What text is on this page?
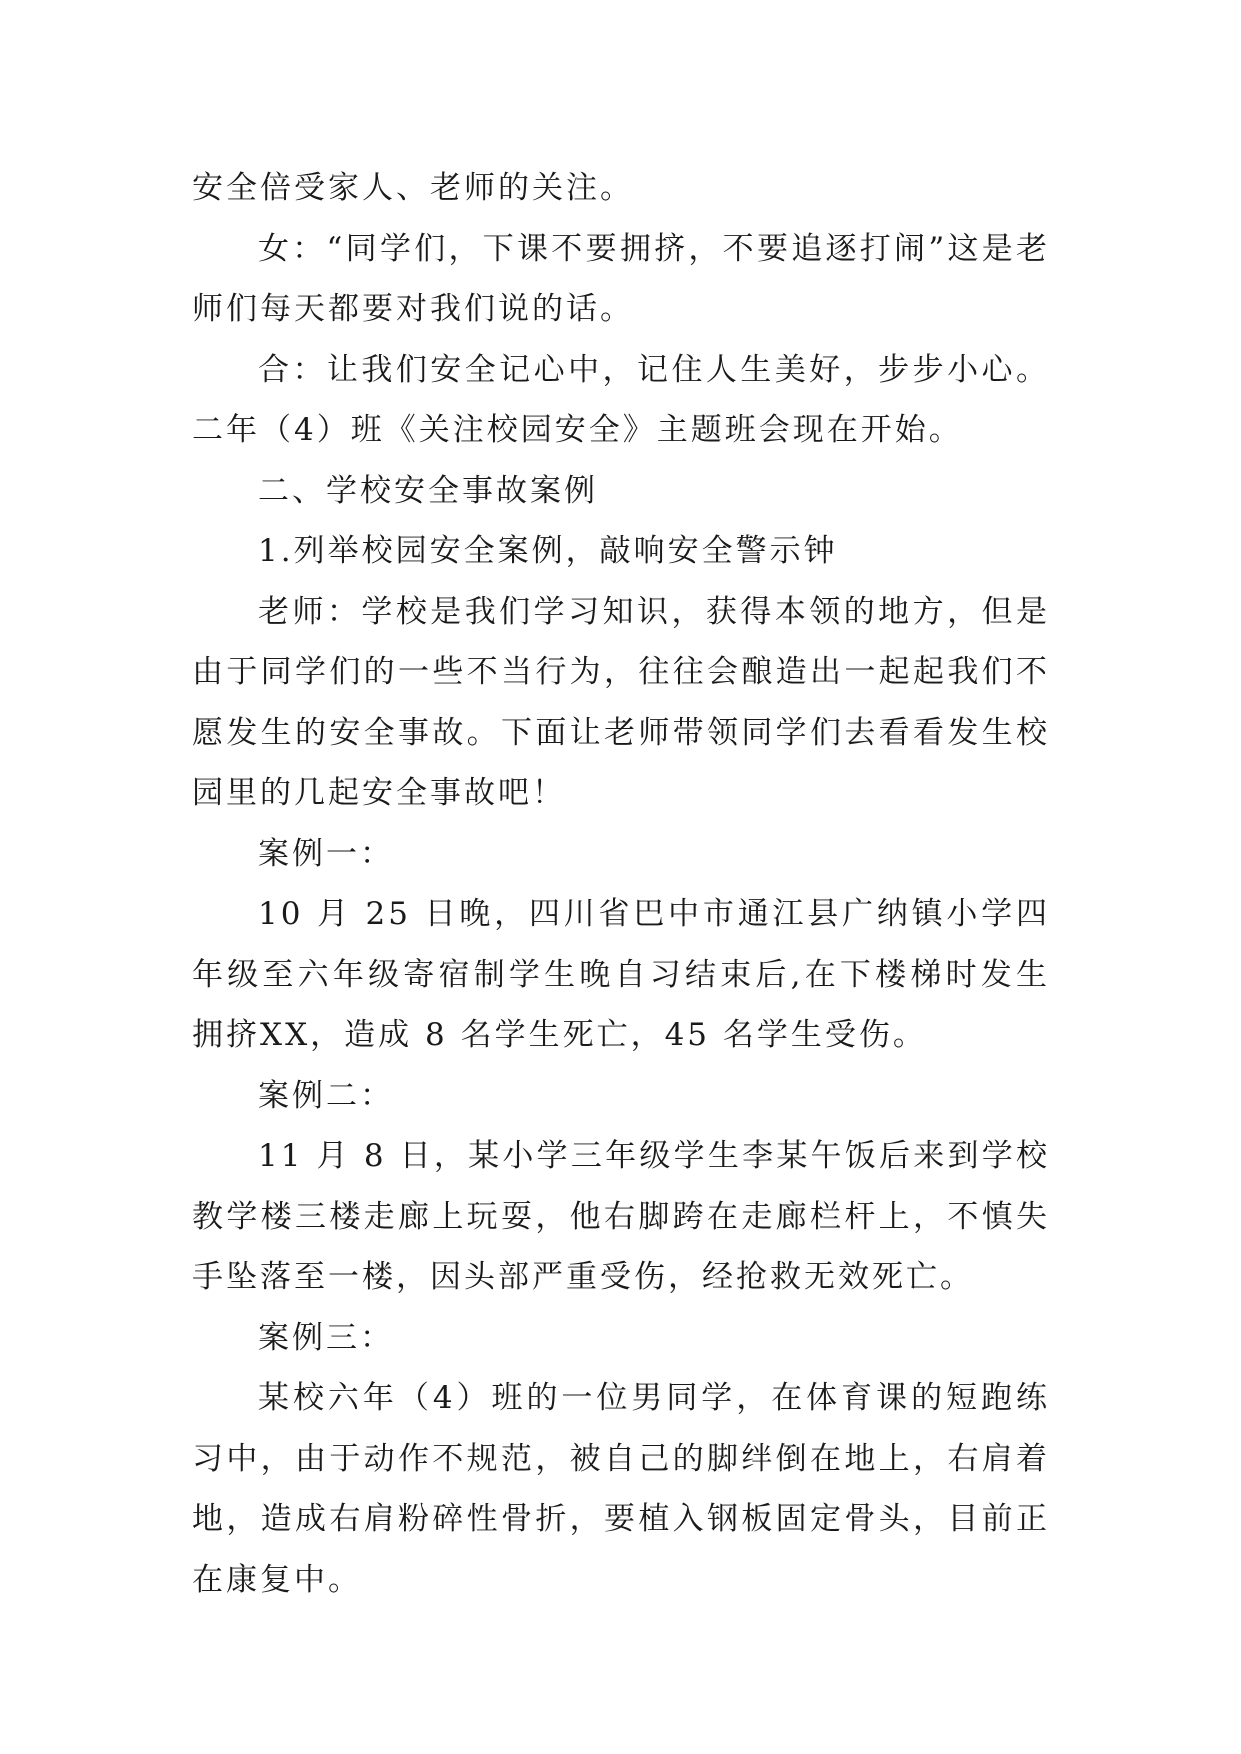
安全倍受家人、老师的关注。

女：“同学们，下课不要拥挤，不要追逐打闹”这是老师们每天都要对我们说的话。

合：让我们安全记心中，记住人生美好，步步小心。二年（4）班《关注校园安全》主题班会现在开始。

二、学校安全事故案例

1.列举校园安全案例，敲响安全警示钟

老师：学校是我们学习知识，获得本领的地方，但是由于同学们的一些不当行为，往往会酿造出一起起我们不愿发生的安全事故。下面让老师带领同学们去看看发生校园里的几起安全事故吧！

案例一：

10 月 25 日晚，四川省巴中市通江县广纳镇小学四年级至六年级寄宿制学生晚自习结束后,在下楼梯时发生拥挤XX，造成 8 名学生死亡，45 名学生受伤。

案例二：

11 月 8 日，某小学三年级学生李某午饭后来到学校教学楼三楼走廊上玩耍，他右脚跨在走廊栏杆上，不慎失手坠落至一楼，因头部严重受伤，经抢救无效死亡。

案例三：

某校六年（4）班的一位男同学，在体育课的短跑练习中，由于动作不规范，被自己的脚绊倒在地上，右肩着地，造成右肩粉碎性骨折，要植入钢板固定骨头，目前正在康复中。
